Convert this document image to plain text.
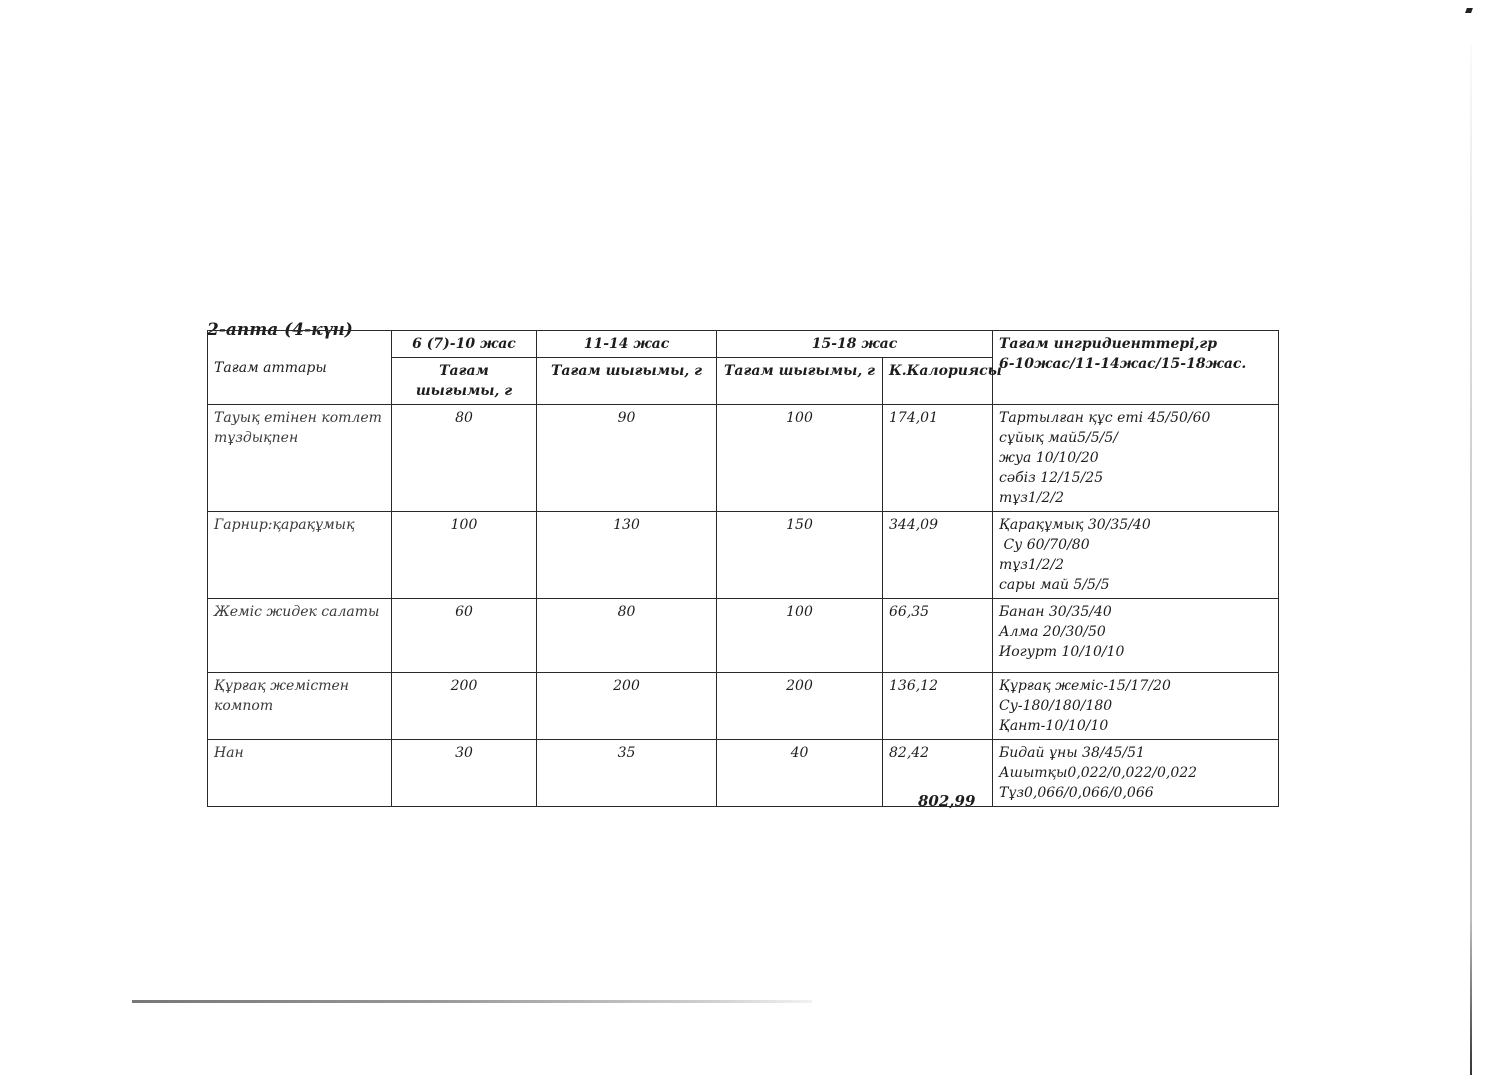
2-апта (4-күн)
Тағам аттары	6 (7)-10 жас	11-14 жас	15-18 жас		Тағам ингридиенттері,гр
6-10жас/11-14жас/15-18жас.

	Тағам шығымы, г	Тағам шығымы, г	Тағам шығымы, г	К.Калориясы	
Тауық етінен котлет тұздықпен	80	90	100	174,01	Тартылған құс еті 45/50/60
сұйық май5/5/5/
жуа 10/10/20
сәбіз 12/15/25
тұз1/2/2

Гарнир:қарақұмық	100	130	150	344,09	Қарақұмық 30/35/40
Су 60/70/80
тұз1/2/2
сары май 5/5/5

Жеміс жидек салаты	60	80	100	66,35	Банан 30/35/40
Алма 20/30/50
Иогурт 10/10/10

Құрғақ жемістен компот	200	200	200	136,12	Құрғақ жеміс-15/17/20
Су-180/180/180
Қант-10/10/10

Нан	30	35	40	82,42	Бидай ұны 38/45/51
Ашытқы0,022/0,022/0,022
Тұз0,066/0,066/0,066
802,99
